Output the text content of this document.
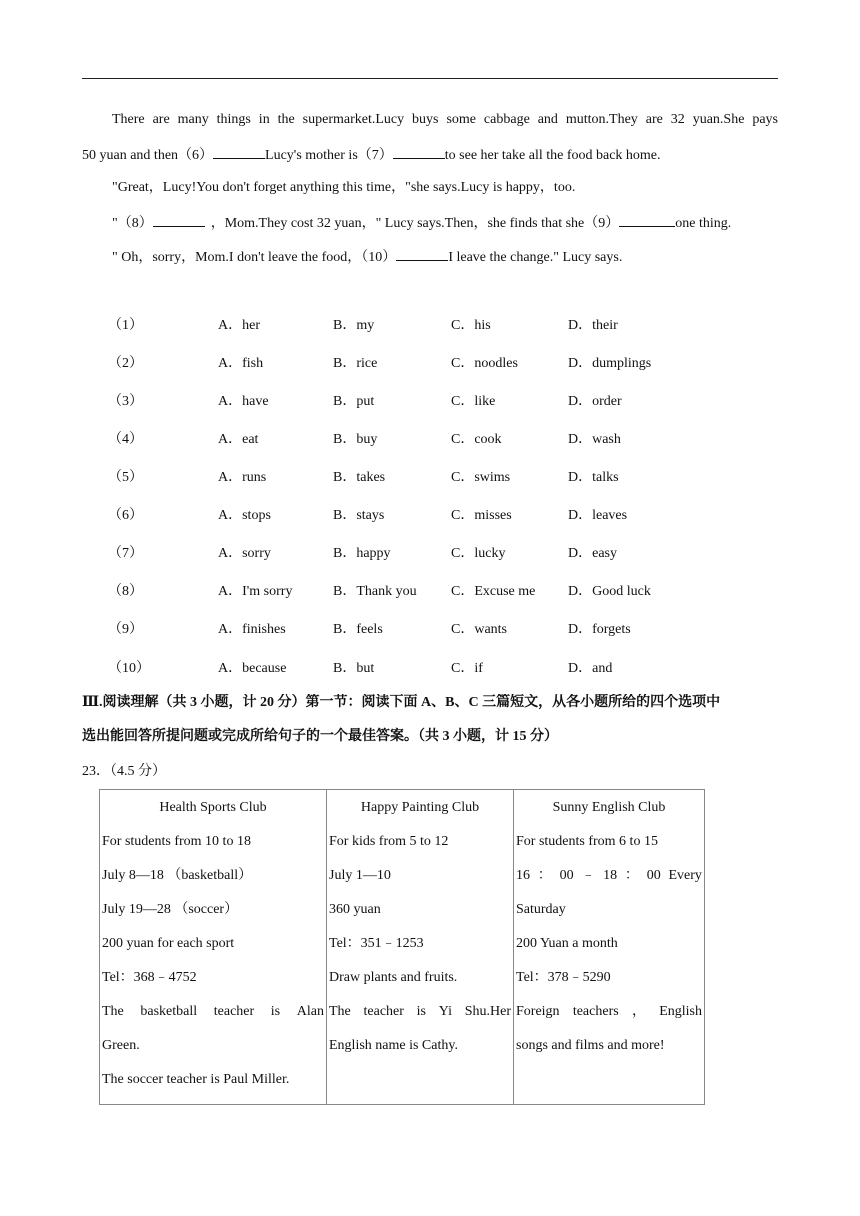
There are many things in the supermarket.Lucy buys some cabbage and mutton.They are 32 yuan.She pays
50 yuan and then（6）	Lucy's mother is（7）	to see her take all the food back home.
"Great，Lucy!You don't forget anything this time，"she says.Lucy is happy，too.
"（8）	，Mom.They cost 32 yuan，" Lucy says.Then，she finds that she（9）	one thing.
" Oh，sorry，Mom.I don't leave the food，（10）	I leave the change." Lucy says.
（1）	A．her	B．my	C．his	D．their
（2）	A．fish	B．rice	C．noodles	D．dumplings
（3）	A．have	B．put	C．like	D．order
（4）	A．eat	B．buy	C．cook	D．wash
（5）	A．runs	B．takes	C．swims	D．talks
（6）	A．stops	B．stays	C．misses	D．leaves
（7）	A．sorry	B．happy	C．lucky	D．easy
（8）	A．I'm sorry	B．Thank you C．Excuse me D．Good luck
（9）	A．finishes	B．feels	C．wants	D．forgets
（10）	A．because	B．but	C．if	D．and
Ⅲ.阅读理解（共 3 小题，计 20 分）第一节：阅读下面 A、B、C 三篇短文，从各小题所给的四个选项中
选出能回答所提问题或完成所给句子的一个最佳答案。（共 3 小题，计 15 分）
23．（4.5 分）
Health Sports Club
For students from 10 to 18
July 8—18 （basketball）
July 19—28 （soccer）
200 yuan for each sport
Tel：368﹣4752
The basketball teacher is Alan
Green.
The soccer teacher is Paul Miller.

Happy Painting Club
For kids from 5 to 12
July 1—10
360 yuan
Tel：351﹣1253
Draw plants and fruits.
The teacher is Yi Shu.Her
English name is Cathy.

Sunny English Club
For students from 6 to 15
16 ： 00 ﹣ 18 ： 00 Every
Saturday
200 Yuan a month
Tel：378﹣5290
Foreign teachers ， English
songs and films and more!
